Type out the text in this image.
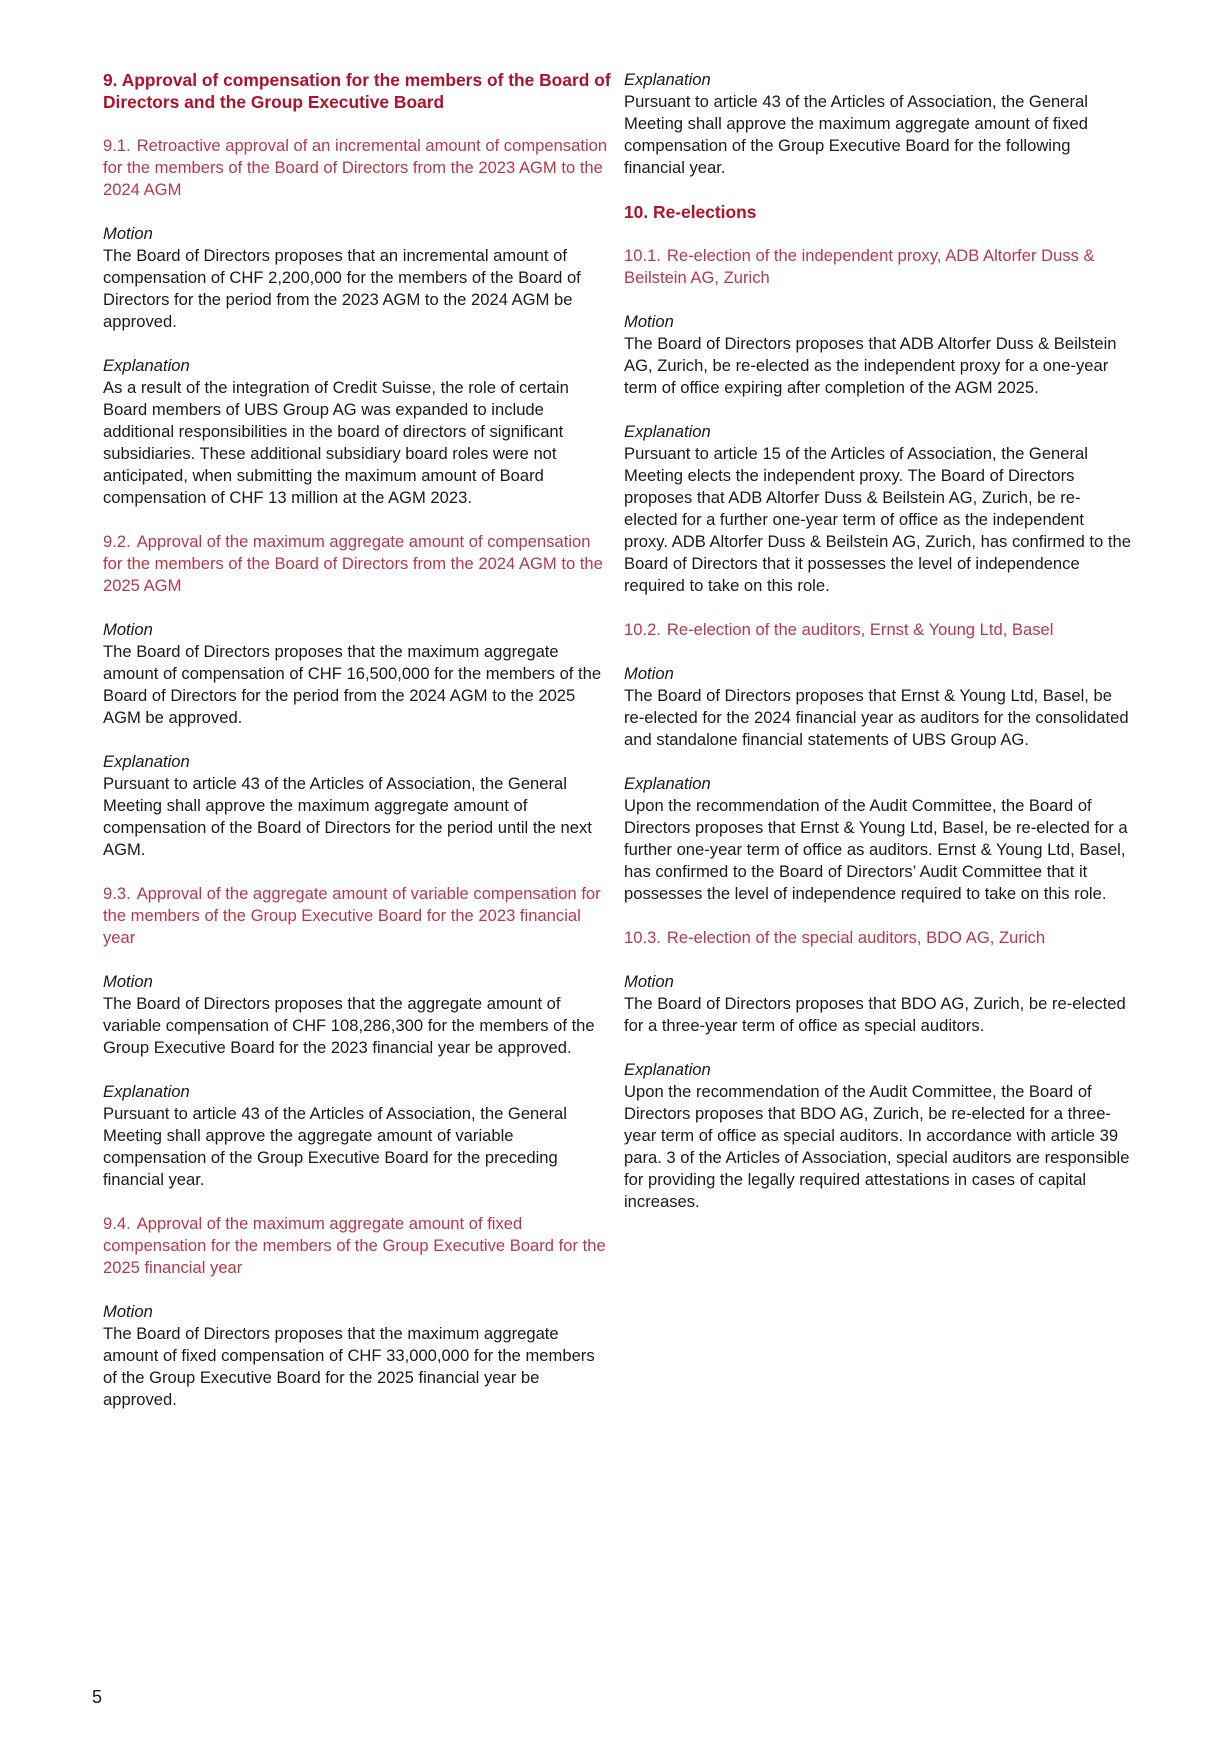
9. Approval of compensation for the members of the Board of Directors and the Group Executive Board

9.1. Retroactive approval of an incremental amount of compensation for the members of the Board of Directors from the 2023 AGM to the 2024 AGM

Motion

The Board of Directors proposes that an incremental amount of compensation of CHF 2,200,000 for the members of the Board of Directors for the period from the 2023 AGM to the 2024 AGM be approved.

Explanation

As a result of the integration of Credit Suisse, the role of certain Board members of UBS Group AG was expanded to include additional responsibilities in the board of directors of significant subsidiaries. These additional subsidiary board roles were not anticipated, when submitting the maximum amount of Board compensation of CHF 13 million at the AGM 2023.

9.2. Approval of the maximum aggregate amount of compensation for the members of the Board of Directors from the 2024 AGM to the 2025 AGM

Motion

The Board of Directors proposes that the maximum aggregate amount of compensation of CHF 16,500,000 for the members of the Board of Directors for the period from the 2024 AGM to the 2025 AGM be approved.

Explanation

Pursuant to article 43 of the Articles of Association, the General Meeting shall approve the maximum aggregate amount of compensation of the Board of Directors for the period until the next AGM.

9.3. Approval of the aggregate amount of variable compensation for the members of the Group Executive Board for the 2023 financial year

Motion

The Board of Directors proposes that the aggregate amount of variable compensation of CHF 108,286,300 for the members of the Group Executive Board for the 2023 financial year be approved.

Explanation

Pursuant to article 43 of the Articles of Association, the General Meeting shall approve the aggregate amount of variable compensation of the Group Executive Board for the preceding financial year.

9.4. Approval of the maximum aggregate amount of fixed compensation for the members of the Group Executive Board for the 2025 financial year

Motion

The Board of Directors proposes that the maximum aggregate amount of fixed compensation of CHF 33,000,000 for the members of the Group Executive Board for the 2025 financial year be approved.

Explanation

Pursuant to article 43 of the Articles of Association, the General Meeting shall approve the maximum aggregate amount of fixed compensation of the Group Executive Board for the following financial year.

10. Re-elections

10.1. Re-election of the independent proxy, ADB Altorfer Duss & Beilstein AG, Zurich

Motion

The Board of Directors proposes that ADB Altorfer Duss & Beilstein AG, Zurich, be re-elected as the independent proxy for a one-year term of office expiring after completion of the AGM 2025.

Explanation

Pursuant to article 15 of the Articles of Association, the General Meeting elects the independent proxy. The Board of Directors proposes that ADB Altorfer Duss & Beilstein AG, Zurich, be re-elected for a further one-year term of office as the independent proxy. ADB Altorfer Duss & Beilstein AG, Zurich, has confirmed to the Board of Directors that it possesses the level of independence required to take on this role.

10.2. Re-election of the auditors, Ernst & Young Ltd, Basel

Motion

The Board of Directors proposes that Ernst & Young Ltd, Basel, be re-elected for the 2024 financial year as auditors for the consolidated and standalone financial statements of UBS Group AG.

Explanation

Upon the recommendation of the Audit Committee, the Board of Directors proposes that Ernst & Young Ltd, Basel, be re-elected for a further one-year term of office as auditors. Ernst & Young Ltd, Basel, has confirmed to the Board of Directors’ Audit Committee that it possesses the level of independence required to take on this role.

10.3. Re-election of the special auditors, BDO AG, Zurich

Motion

The Board of Directors proposes that BDO AG, Zurich, be re-elected for a three-year term of office as special auditors.

Explanation

Upon the recommendation of the Audit Committee, the Board of Directors proposes that BDO AG, Zurich, be re-elected for a three-year term of office as special auditors. In accordance with article 39 para. 3 of the Articles of Association, special auditors are responsible for providing the legally required attestations in cases of capital increases.

5
